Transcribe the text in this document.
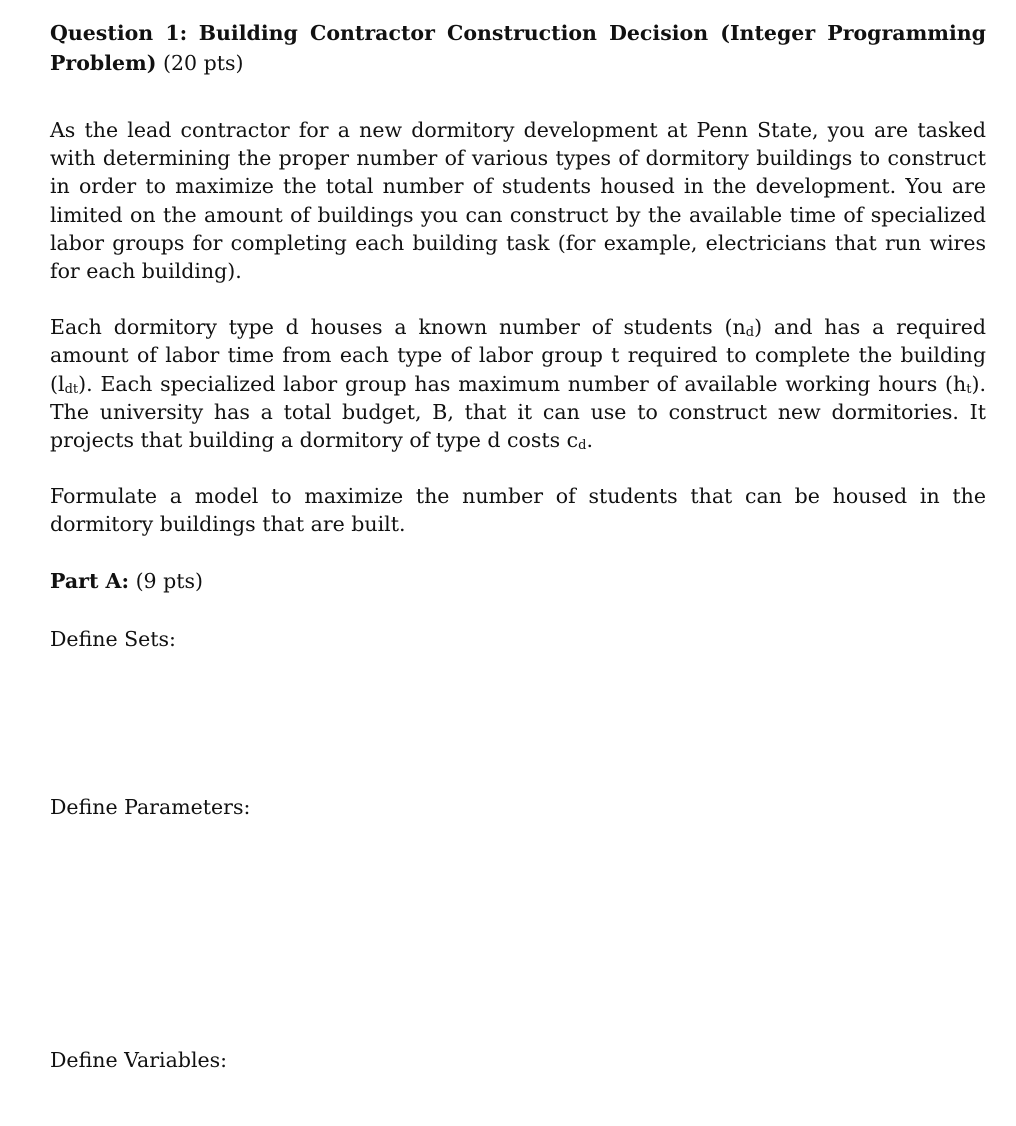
Question 1: Building Contractor Construction Decision (Integer Programming Problem) (20 pts)

As the lead contractor for a new dormitory development at Penn State, you are tasked with determining the proper number of various types of dormitory buildings to construct in order to maximize the total number of students housed in the development. You are limited on the amount of buildings you can construct by the available time of specialized labor groups for completing each building task (for example, electricians that run wires for each building).

Each dormitory type d houses a known number of students $(n_d)$ and has a required amount of labor time from each type of labor group t required to complete the building $(l_{dt})$. Each specialized labor group has maximum number of available working hours $(h_t)$. The university has a total budget, B, that it can use to construct new dormitories. It projects that building a dormitory of type d costs $c_d$.

Formulate a model to maximize the number of students that can be housed in the dormitory buildings that are built.

Part A: (9 pts)

Define Sets:

Define Parameters:

Define Variables:
